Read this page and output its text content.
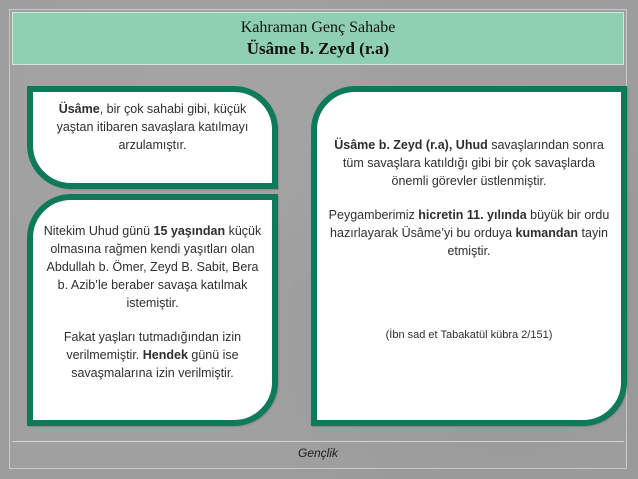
Kahraman Genç Sahabe
Üsâme b. Zeyd (r.a)

Üsâme, bir çok sahabi gibi, küçük yaştan itibaren savaşlara katılmayı arzulamıştır.

Nitekim Uhud günü 15 yaşından küçük olmasına rağmen kendi yaşıtları olan Abdullah b. Ömer, Zeyd B. Sabit, Bera b. Azib’le beraber savaşa katılmak istemiştir.

Fakat yaşları tutmadığından izin verilmemiştir. Hendek günü ise savaşmalarına izin verilmiştir.

Üsâme b. Zeyd (r.a), Uhud savaşlarından sonra tüm savaşlara katıldığı gibi bir çok savaşlarda önemli görevler üstlenmiştir.

Peygamberimiz hicretin 11. yılında büyük bir ordu hazırlayarak Üsâme’yi bu orduya kumandan tayin etmiştir.

(İbn sad et Tabakatül kübra 2/151)

Gençlik
